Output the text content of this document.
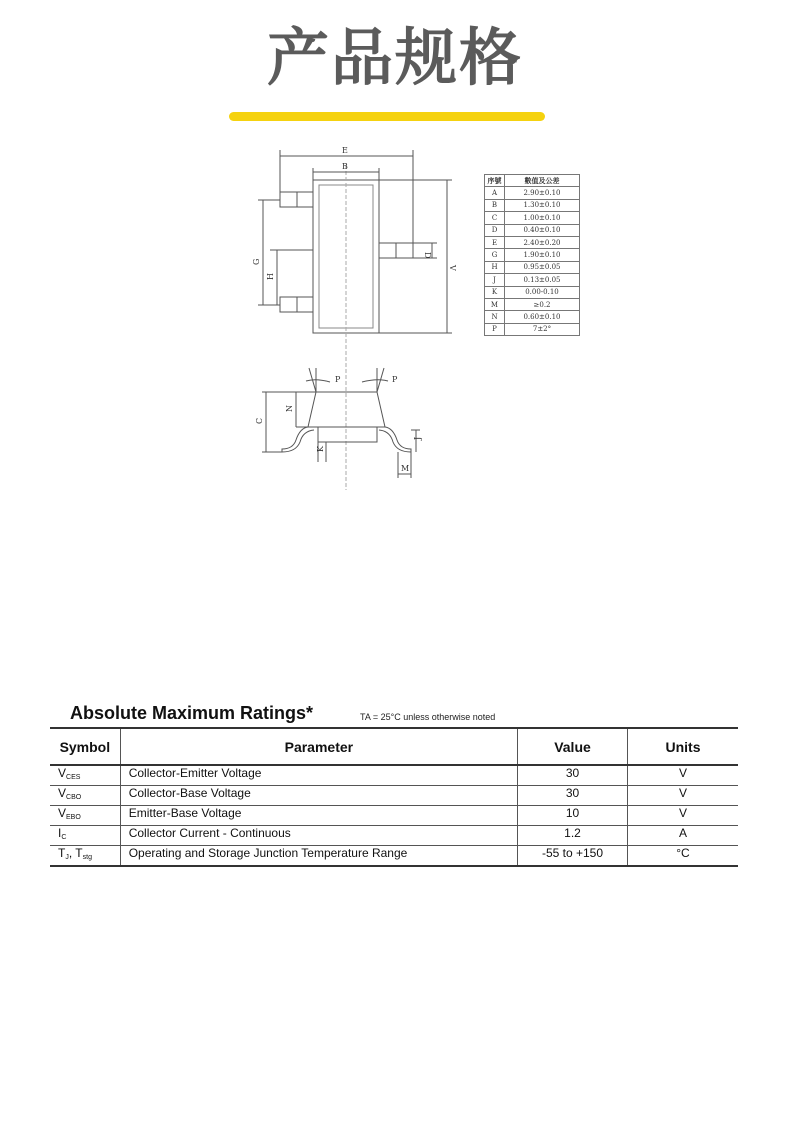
产品规格
E
B
V
D
G
H
P	P
N
C
K
J
M
序號	數值及公差
A	2.90±0.10
B	1.30±0.10
C	1.00±0.10
D	0.40±0.10
E	2.40±0.20
G	1.90±0.10
H	0.95±0.05
J	0.13±0.05
K	0.00-0.10
M	≥0.2
N	0.60±0.10
P	7±2°
Absolute Maximum Ratings*	TA = 25°C unless otherwise noted
Symbol	Parameter	Value	Units
$V_{CES}$	Collector-Emitter Voltage	30	V
$V_{CBO}$	Collector-Base Voltage	30	V
$V_{EBO}$	Emitter-Base Voltage	10	V
$I_C$	Collector Current - Continuous	1.2	A
$T_J$, $T_{stg}$	Operating and Storage Junction Temperature Range	-55 to +150	°C
